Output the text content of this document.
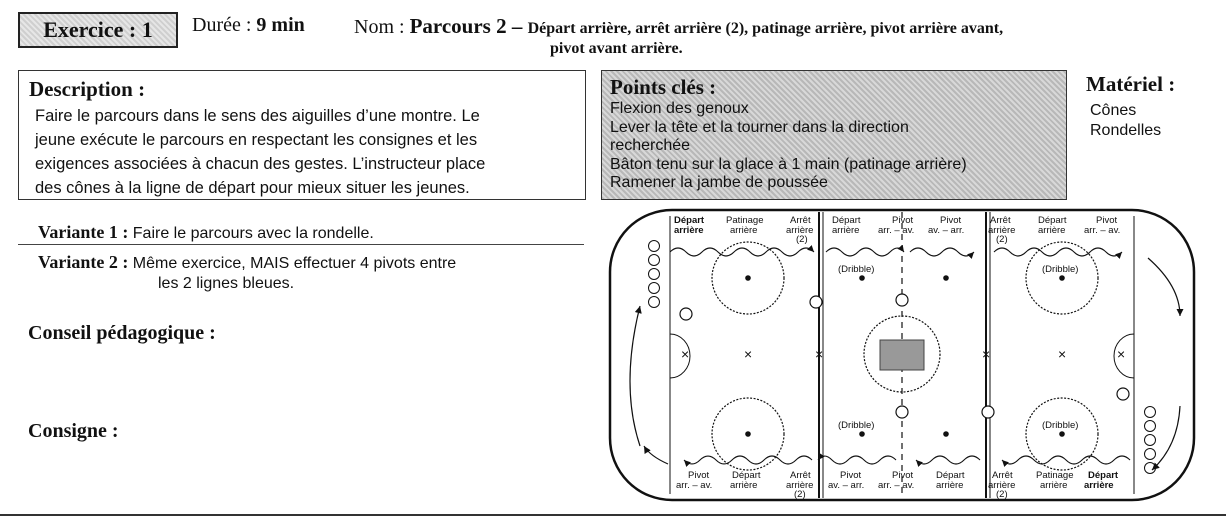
Exercice : 1 Durée : 9 min Nom : Parcours 2 – Départ arrière, arrêt arrière (2), patinage arrière, pivot arrière avant,
pivot avant arrière.
Description :

Faire le parcours dans le sens des aiguilles d’une montre. Le
jeune exécute le parcours en respectant les consignes et les
exigences associées à chacun des gestes. L’instructeur place
des cônes à la ligne de départ pour mieux situer les jeunes.

Points clés :
Flexion des genoux
Lever la tête et la tourner dans la direction
recherchée
Bâton tenu sur la glace à 1 main (patinage arrière)
Ramener la jambe de poussée
Matériel :
Cônes
Rondelles
Variante 1 : Faire le parcours avec la rondelle.
Variante 2 : Même exercice, MAIS effectuer 4 pivots entre
les 2 lignes bleues.
Conseil pédagogique :
Consigne :
×	×	×	×	×	×
Départ
arrière
Patinage
arrière
Arrêt
arrière
(2)
Départ
arrière
Pivot
arr. – av.
Pivot
av. – arr.
Arrêt
arrière
(2)
Départ
arrière
Pivot
arr. – av.
Pivot
arr. – av.
Départ
arrière
Arrêt
arrière
(2)
Pivot
av. – arr.
Pivot
arr. – av.
Départ
arrière
Arrêt
arrière
(2)
Patinage
arrière
Départ
arrière
(Dribble)	(Dribble)
(Dribble)	(Dribble)
